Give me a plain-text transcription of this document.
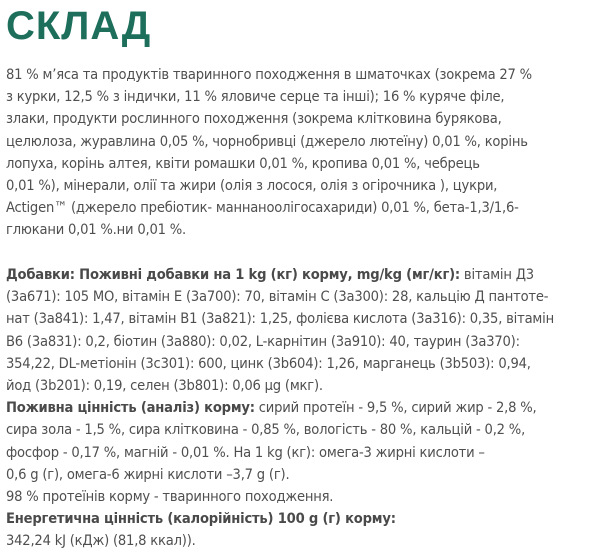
СКЛАД
81 % м’яса та продуктів тваринного походження в шматочках (зокрема 27 %
з курки, 12,5 % з індички, 11 % яловиче серце та інші); 16 % куряче філе,
злаки, продукти рослинного походження (зокрема клітковина бурякова,
целюлоза, журавлина 0,05 %, чорнобривці (джерело лютеїну) 0,01 %, корінь
лопуха, корінь алтея, квіти ромашки 0,01 %, кропива 0,01 %, чебрець
0,01 %), мінерали, олії та жири (олія з лосося, олія з огірочника ), цукри,
Actigen™ (джерело пребіотик- маннаноолігосахариди) 0,01 %, бета-1,3/1,6-
глюкани 0,01 %.ни 0,01 %.
Добавки: Поживні добавки на 1 kg (кг) корму, mg/kg (мг/кг): вітамін Д3
(3a671): 105 МО, вітамін Е (3a700): 70, вітамін С (3a300): 28, кальцію Д пантоте-
нат (3a841): 1,47, вітамін В1 (3a821): 1,25, фолієва кислота (3a316): 0,35, вітамін
В6 (3a831): 0,2, біотин (3a880): 0,02, L-карнітин (3a910): 40, таурин (3a370):
354,22, DL-метіонін (3c301): 600, цинк (3b604): 1,26, марганець (3b503): 0,94,
йод (3b201): 0,19, селен (3b801): 0,06 µg (мкг).
Поживна цінність (аналіз) корму: сирий протеїн - 9,5 %, сирий жир - 2,8 %,
сира зола - 1,5 %, сира клітковина - 0,85 %, вологість - 80 %, кальцій - 0,2 %,
фосфор - 0,17 %, магній - 0,01 %. На 1 kg (кг): омега-3 жирні кислоти –
0,6 g (г), омега-6 жирні кислоти –3,7 g (г).
98 % протеїнів корму - тваринного походження.
Енергетична цінність (калорійність) 100 g (г) корму:
342,24 kJ (кДж) (81,8 ккал)).
